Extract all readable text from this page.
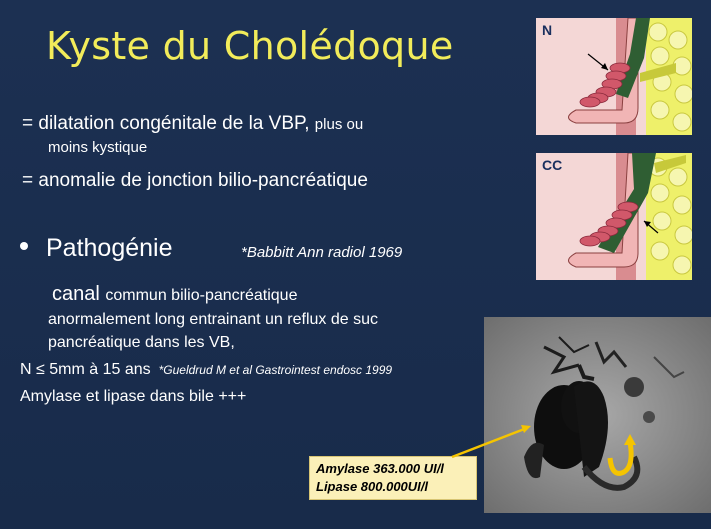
Kyste du Cholédoque
= dilatation congénitale de la VBP, plus ou
moins kystique
= anomalie de jonction bilio-pancréatique
Pathogénie	*Babbitt Ann radiol 1969
canal commun bilio-pancréatique
anormalement long entrainant un reflux de suc
pancréatique dans les VB,
N ≤ 5mm à 15 ans *Gueldrud M et al Gastrointest endosc 1999
Amylase et lipase dans bile +++
N
CC
Amylase 363.000 UI/l
Lipase 800.000UI/l
